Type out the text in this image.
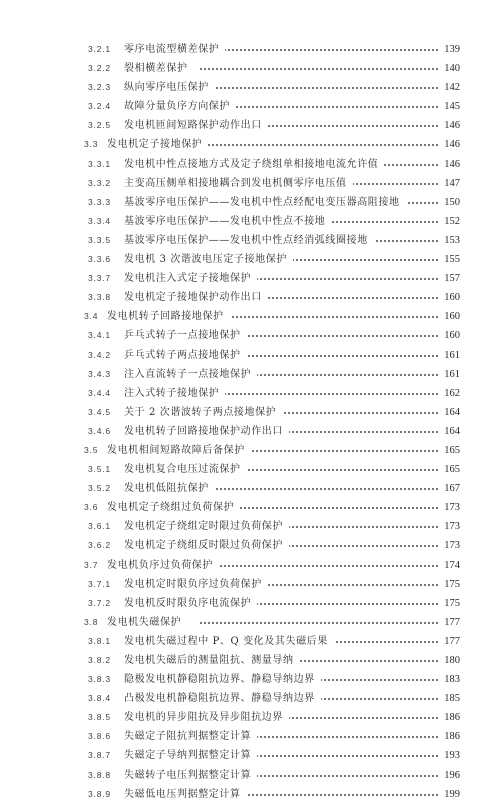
3.2.1 零序电流型横差保护	139
3.2.2 裂相横差保护	140
3.2.3 纵向零序电压保护	142
3.2.4 故障分量负序方向保护	145
3.2.5 发电机匝间短路保护动作出口	146
3.3 发电机定子接地保护	146
3.3.1 发电机中性点接地方式及定子绕组单相接地电流允许值	146
3.3.2 主变高压侧单相接地耦合到发电机侧零序电压值	147
3.3.3 基波零序电压保护——发电机中性点经配电变压器高阻接地	150
3.3.4 基波零序电压保护——发电机中性点不接地	152
3.3.5 基波零序电压保护——发电机中性点经消弧线圈接地	153
3.3.6 发电机 3 次谐波电压定子接地保护	155
3.3.7 发电机注入式定子接地保护	157
3.3.8 发电机定子接地保护动作出口	160
3.4 发电机转子回路接地保护	160
3.4.1 乒乓式转子一点接地保护	160
3.4.2 乒乓式转子两点接地保护	161
3.4.3 注入直流转子一点接地保护	161
3.4.4 注入式转子接地保护	162
3.4.5 关于 2 次谐波转子两点接地保护	164
3.4.6 发电机转子回路接地保护动作出口	164
3.5 发电机相间短路故障后备保护	165
3.5.1 发电机复合电压过流保护	165
3.5.2 发电机低阻抗保护	167
3.6 发电机定子绕组过负荷保护	173
3.6.1 发电机定子绕组定时限过负荷保护	173
3.6.2 发电机定子绕组反时限过负荷保护	173
3.7 发电机负序过负荷保护	174
3.7.1 发电机定时限负序过负荷保护	175
3.7.2 发电机反时限负序电流保护	175
3.8 发电机失磁保护	177
3.8.1 发电机失磁过程中 P、Q 变化及其失磁后果	177
3.8.2 发电机失磁后的测量阻抗、测量导纳	180
3.8.3 隐极发电机静稳阻抗边界、静稳导纳边界	183
3.8.4 凸极发电机静稳阻抗边界、静稳导纳边界	185
3.8.5 发电机的异步阻抗及异步阻抗边界	186
3.8.6 失磁定子阻抗判据整定计算	186
3.8.7 失磁定子导纳判据整定计算	193
3.8.8 失磁转子电压判据整定计算	196
3.8.9 失磁低电压判据整定计算	199
